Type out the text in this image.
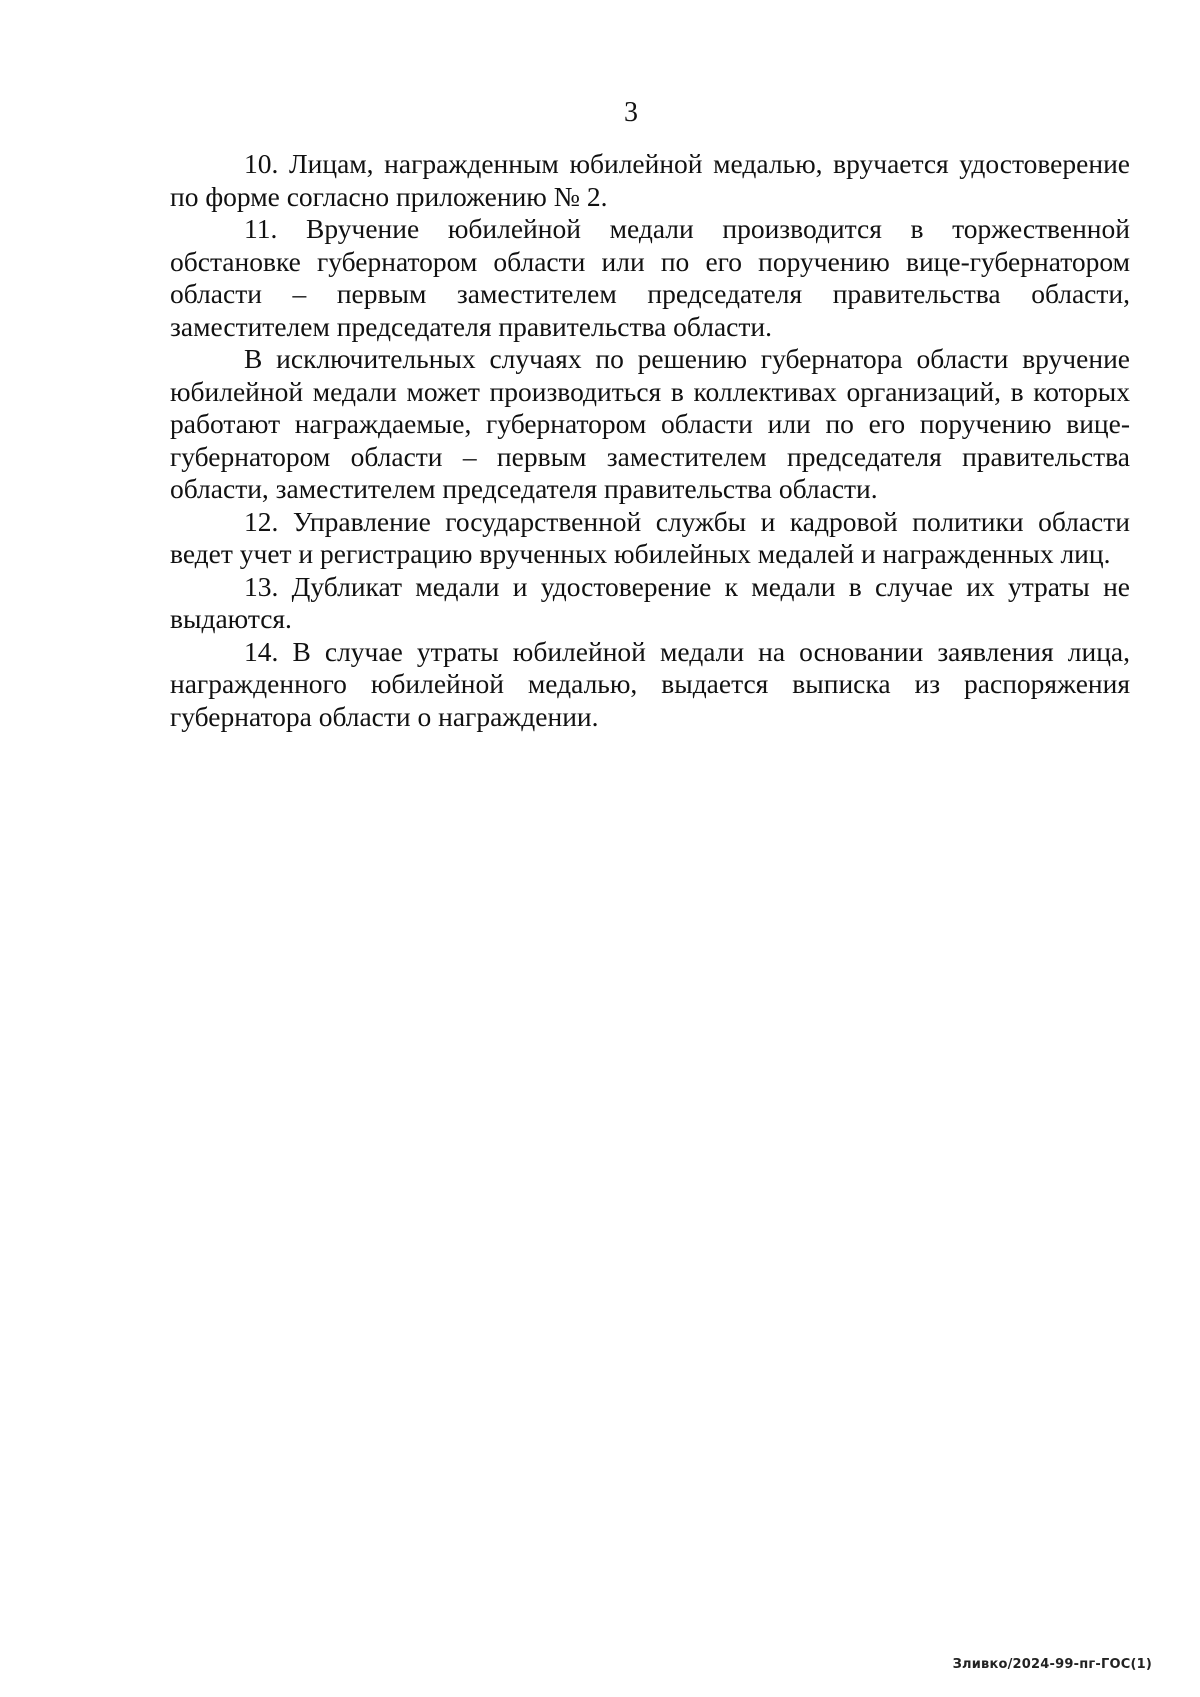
3

10. Лицам, награжденным юбилейной медалью, вручается удостоверение по форме согласно приложению № 2.

11. Вручение юбилейной медали производится в торжественной обстановке губернатором области или по его поручению вице-губернатором области – первым заместителем председателя правительства области, заместителем председателя правительства области.

В исключительных случаях по решению губернатора области вручение юбилейной медали может производиться в коллективах организаций, в которых работают награждаемые, губернатором области или по его поручению вице-губернатором области – первым заместителем председателя правительства области, заместителем председателя правительства области.

12. Управление государственной службы и кадровой политики области ведет учет и регистрацию врученных юбилейных медалей и награжденных лиц.

13. Дубликат медали и удостоверение к медали в случае их утраты не выдаются.

14. В случае утраты юбилейной медали на основании заявления лица, награжденного юбилейной медалью, выдается выписка из распоряжения губернатора области о награждении.

Зливко/2024-99-пг-ГОС(1)
